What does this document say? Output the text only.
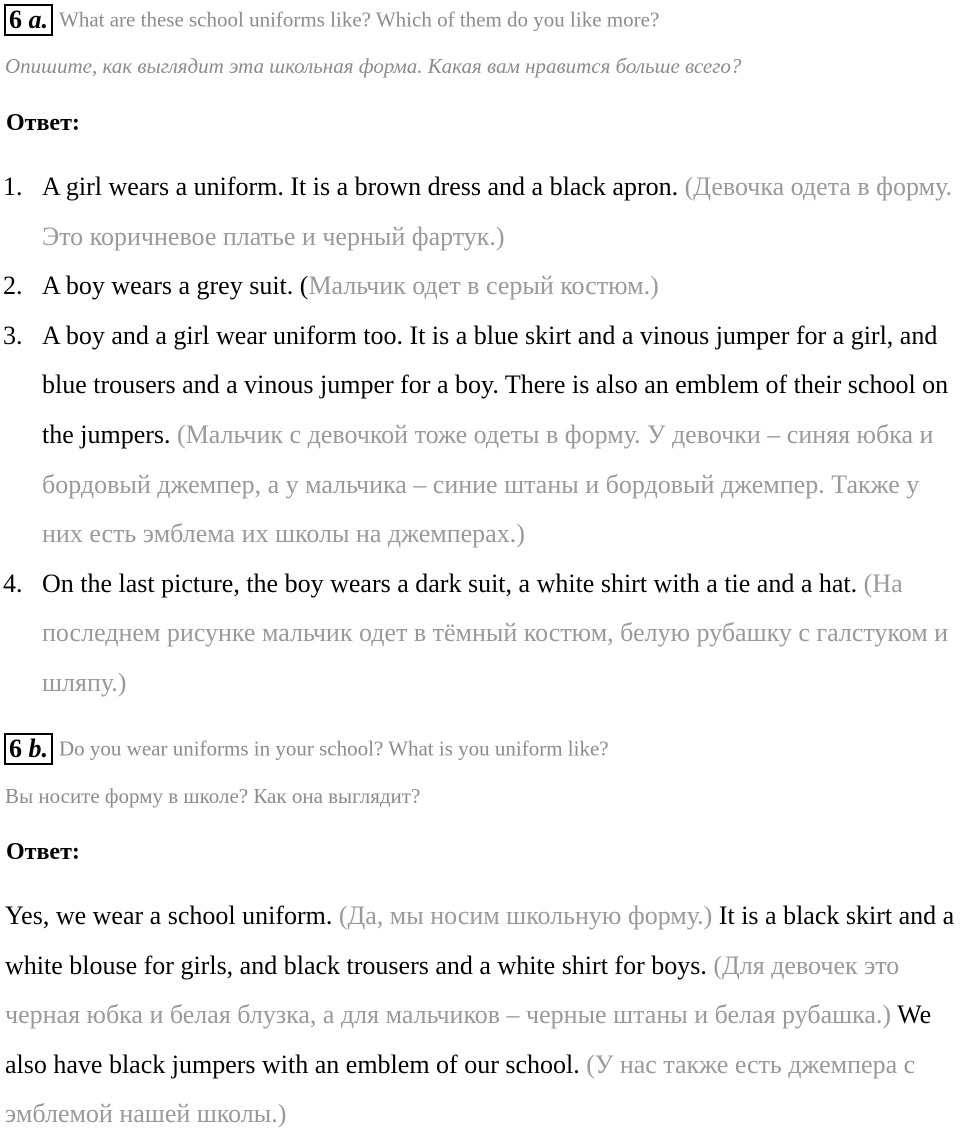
6 a. What are these school uniforms like? Which of them do you like more?
Опишите, как выглядит эта школьная форма. Какая вам нравится больше всего?
Ответ:
1. A girl wears a uniform. It is a brown dress and a black apron. (Девочка одета в форму. Это коричневое платье и черный фартук.)
2. A boy wears a grey suit. (Мальчик одет в серый костюм.)
3. A boy and a girl wear uniform too. It is a blue skirt and a vinous jumper for a girl, and blue trousers and a vinous jumper for a boy. There is also an emblem of their school on the jumpers. (Мальчик с девочкой тоже одеты в форму. У девочки – синяя юбка и бордовый джемпер, а у мальчика – синие штаны и бордовый джемпер. Также у них есть эмблема их школы на джемперах.)
4. On the last picture, the boy wears a dark suit, a white shirt with a tie and a hat. (На последнем рисунке мальчик одет в тёмный костюм, белую рубашку с галстуком и шляпу.)
6 b. Do you wear uniforms in your school? What is you uniform like?
Вы носите форму в школе? Как она выглядит?
Ответ:
Yes, we wear a school uniform. (Да, мы носим школьную форму.) It is a black skirt and a white blouse for girls, and black trousers and a white shirt for boys. (Для девочек это черная юбка и белая блузка, а для мальчиков – черные штаны и белая рубашка.) We also have black jumpers with an emblem of our school. (У нас также есть джемпера с эмблемой нашей школы.)
